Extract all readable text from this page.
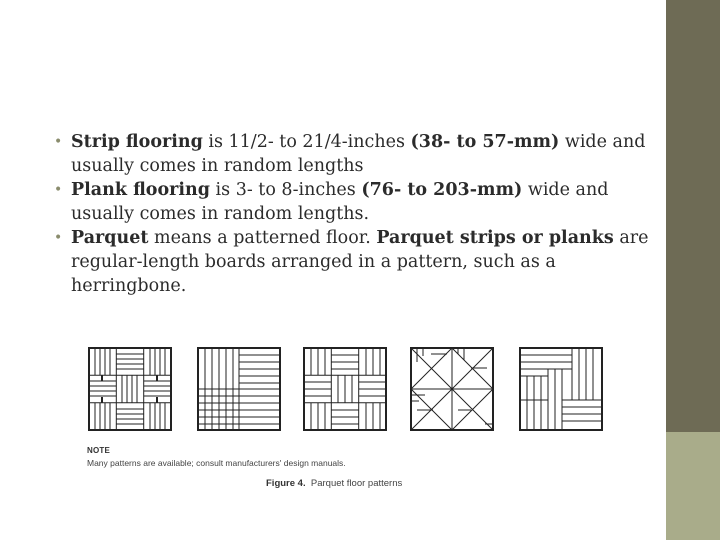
• Strip flooring is 11/2- to 21/4-inches (38- to 57-mm) wide and usually comes in random lengths
• Plank flooring is 3- to 8-inches (76- to 203-mm) wide and usually comes in random lengths.
• Parquet means a patterned floor. Parquet strips or planks are regular-length boards arranged in a pattern, such as a herringbone.
NOTE
Many patterns are available; consult manufacturers' design manuals.
Figure 4. Parquet floor patterns
